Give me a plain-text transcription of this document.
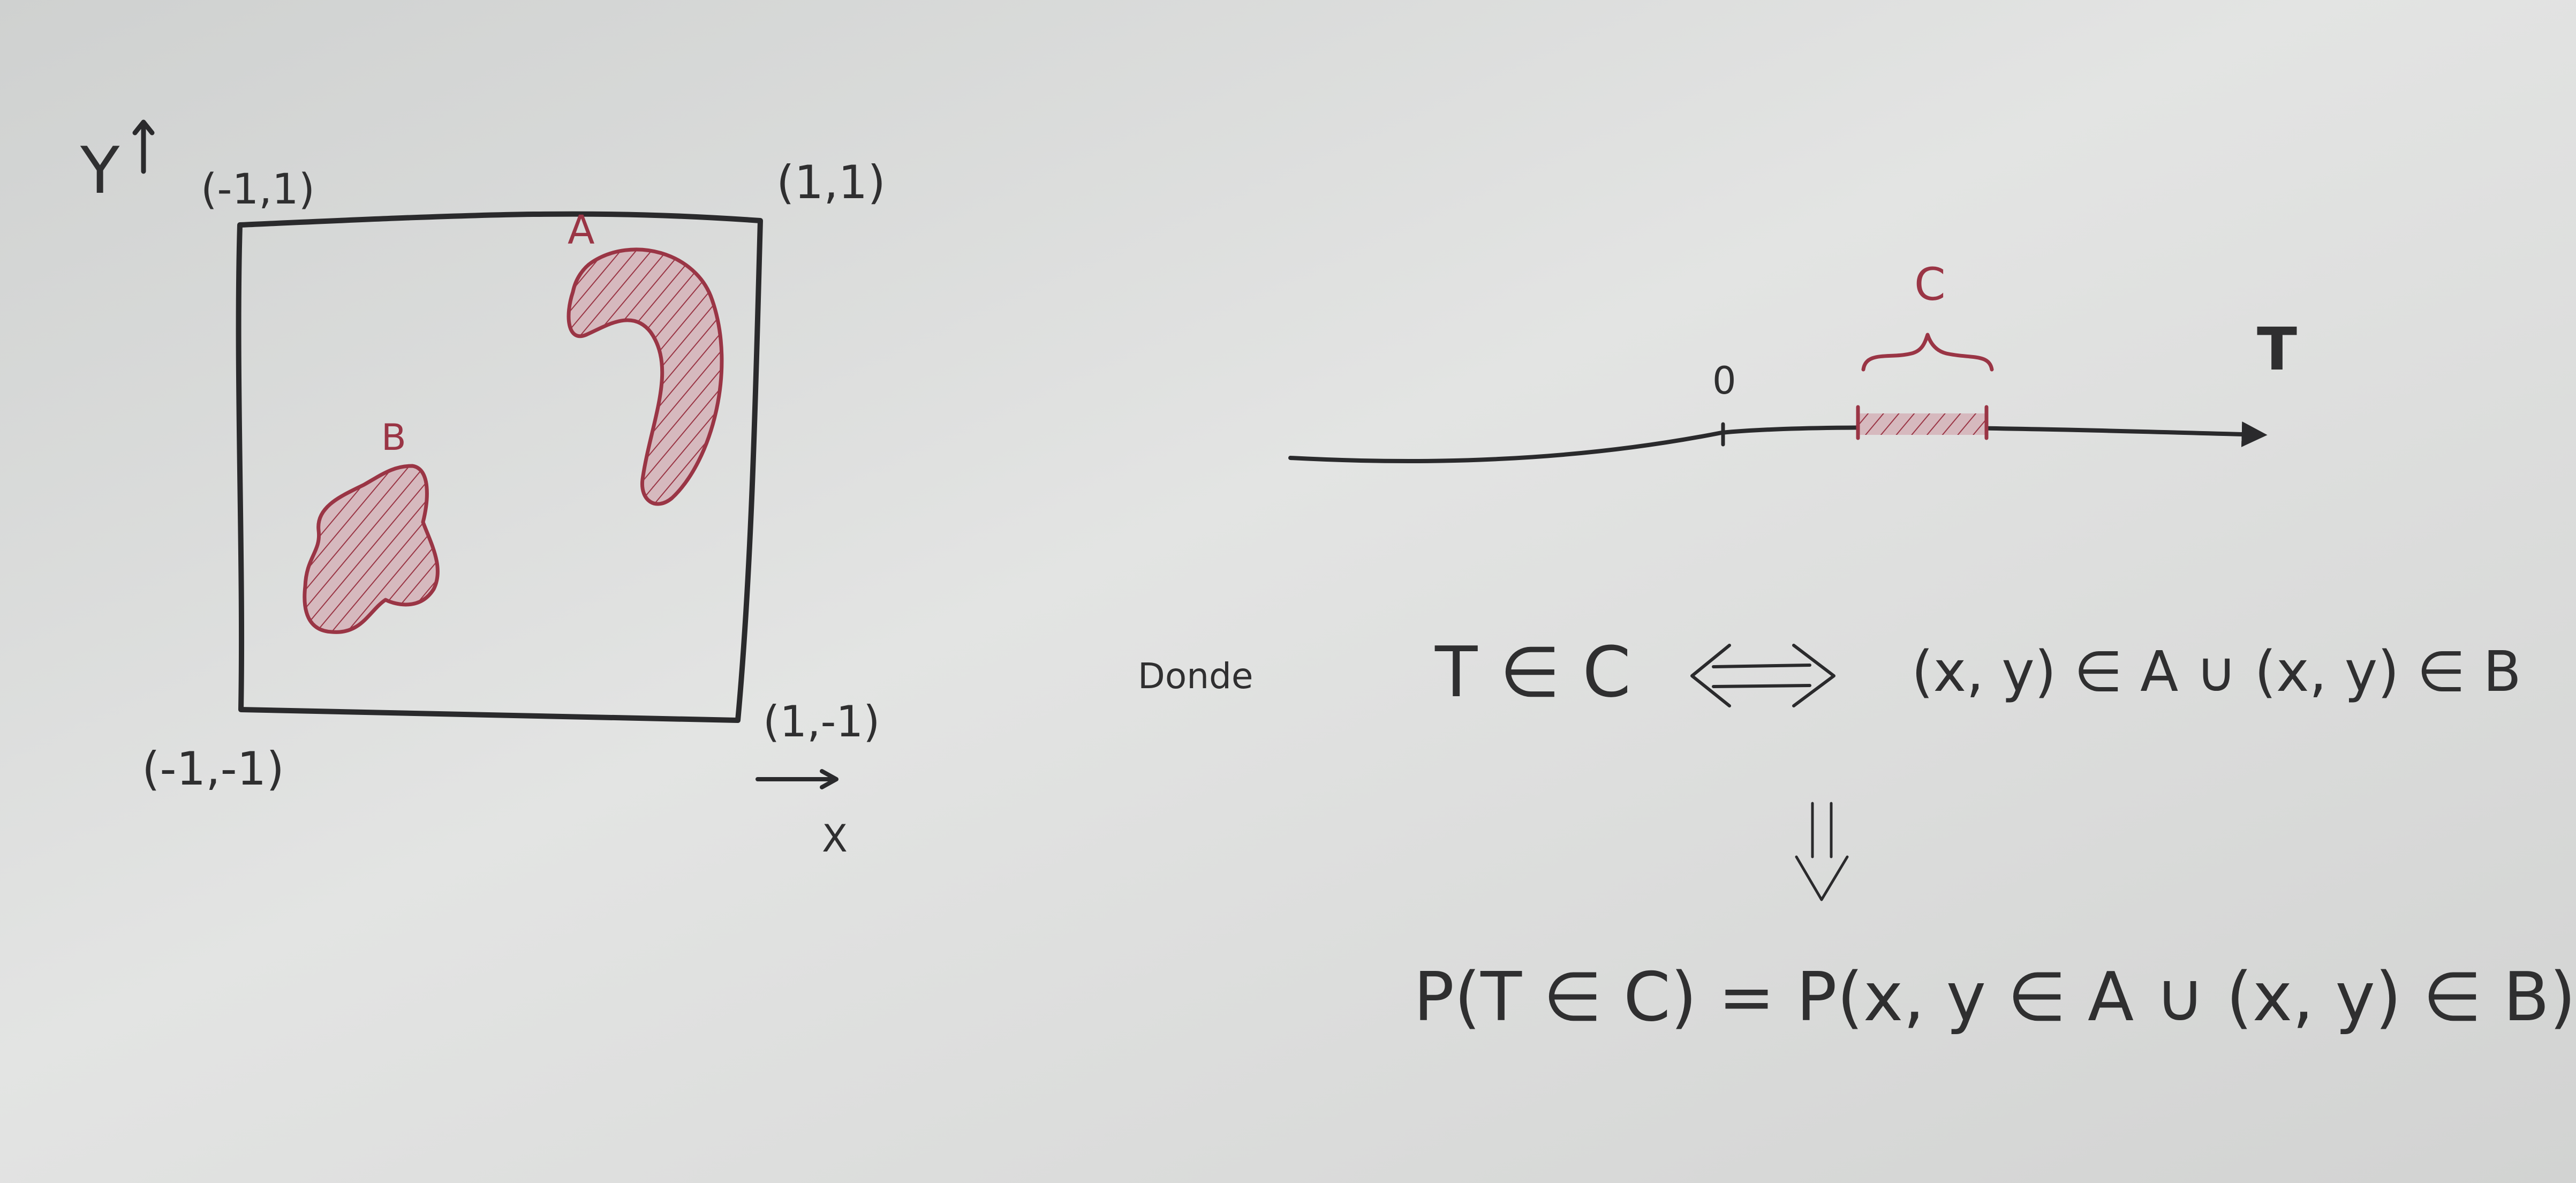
Y (-1,1)	(1,1)
(-1,-1)
(1,-1)
X
A
B
0
C
T
Donde	T ∈ C	(x, y) ∈ A ∪ (x, y) ∈ B
P(T ∈ C) = P(x, y ∈ A ∪ (x, y) ∈ B)
